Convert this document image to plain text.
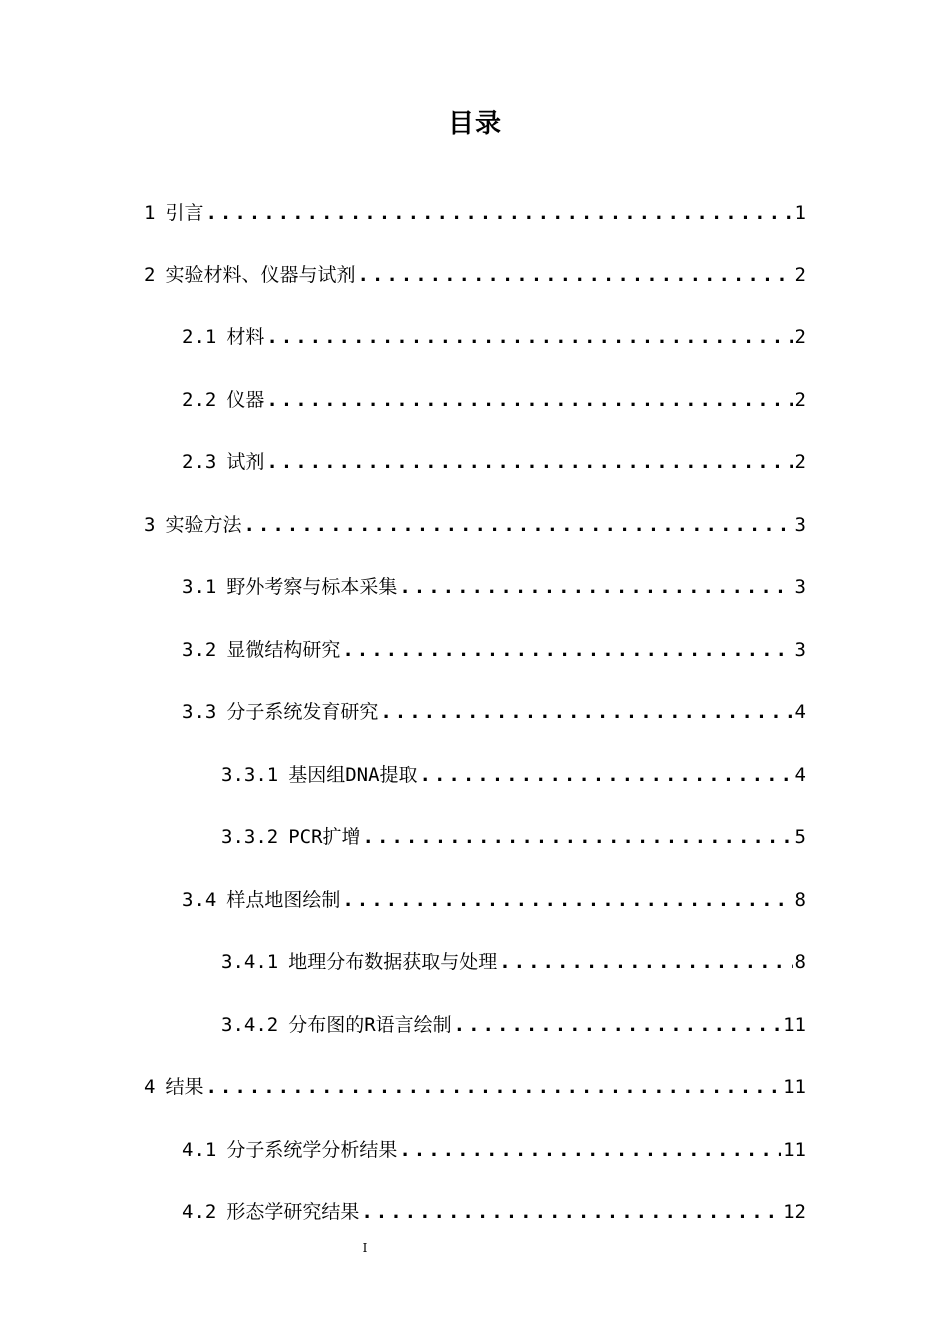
目录
1 引言 .....	1
2 实验材料、仪器与试剂 .....	2
2.1 材料 .....	2
2.2 仪器 .....	2
2.3 试剂 .....	2
3 实验方法 .....	3
3.1 野外考察与标本采集 .....	3
3.2 显微结构研究 .....	3
3.3 分子系统发育研究 .....	4
3.3.1 基因组DNA提取 .....	4
3.3.2 PCR扩增 .....	5
3.4 样点地图绘制 .....	8
3.4.1 地理分布数据获取与处理 .....	8
3.4.2 分布图的R语言绘制 .....	11
4 结果 .....	11
4.1 分子系统学分析结果 .....	11
4.2 形态学研究结果 .....	12
I
